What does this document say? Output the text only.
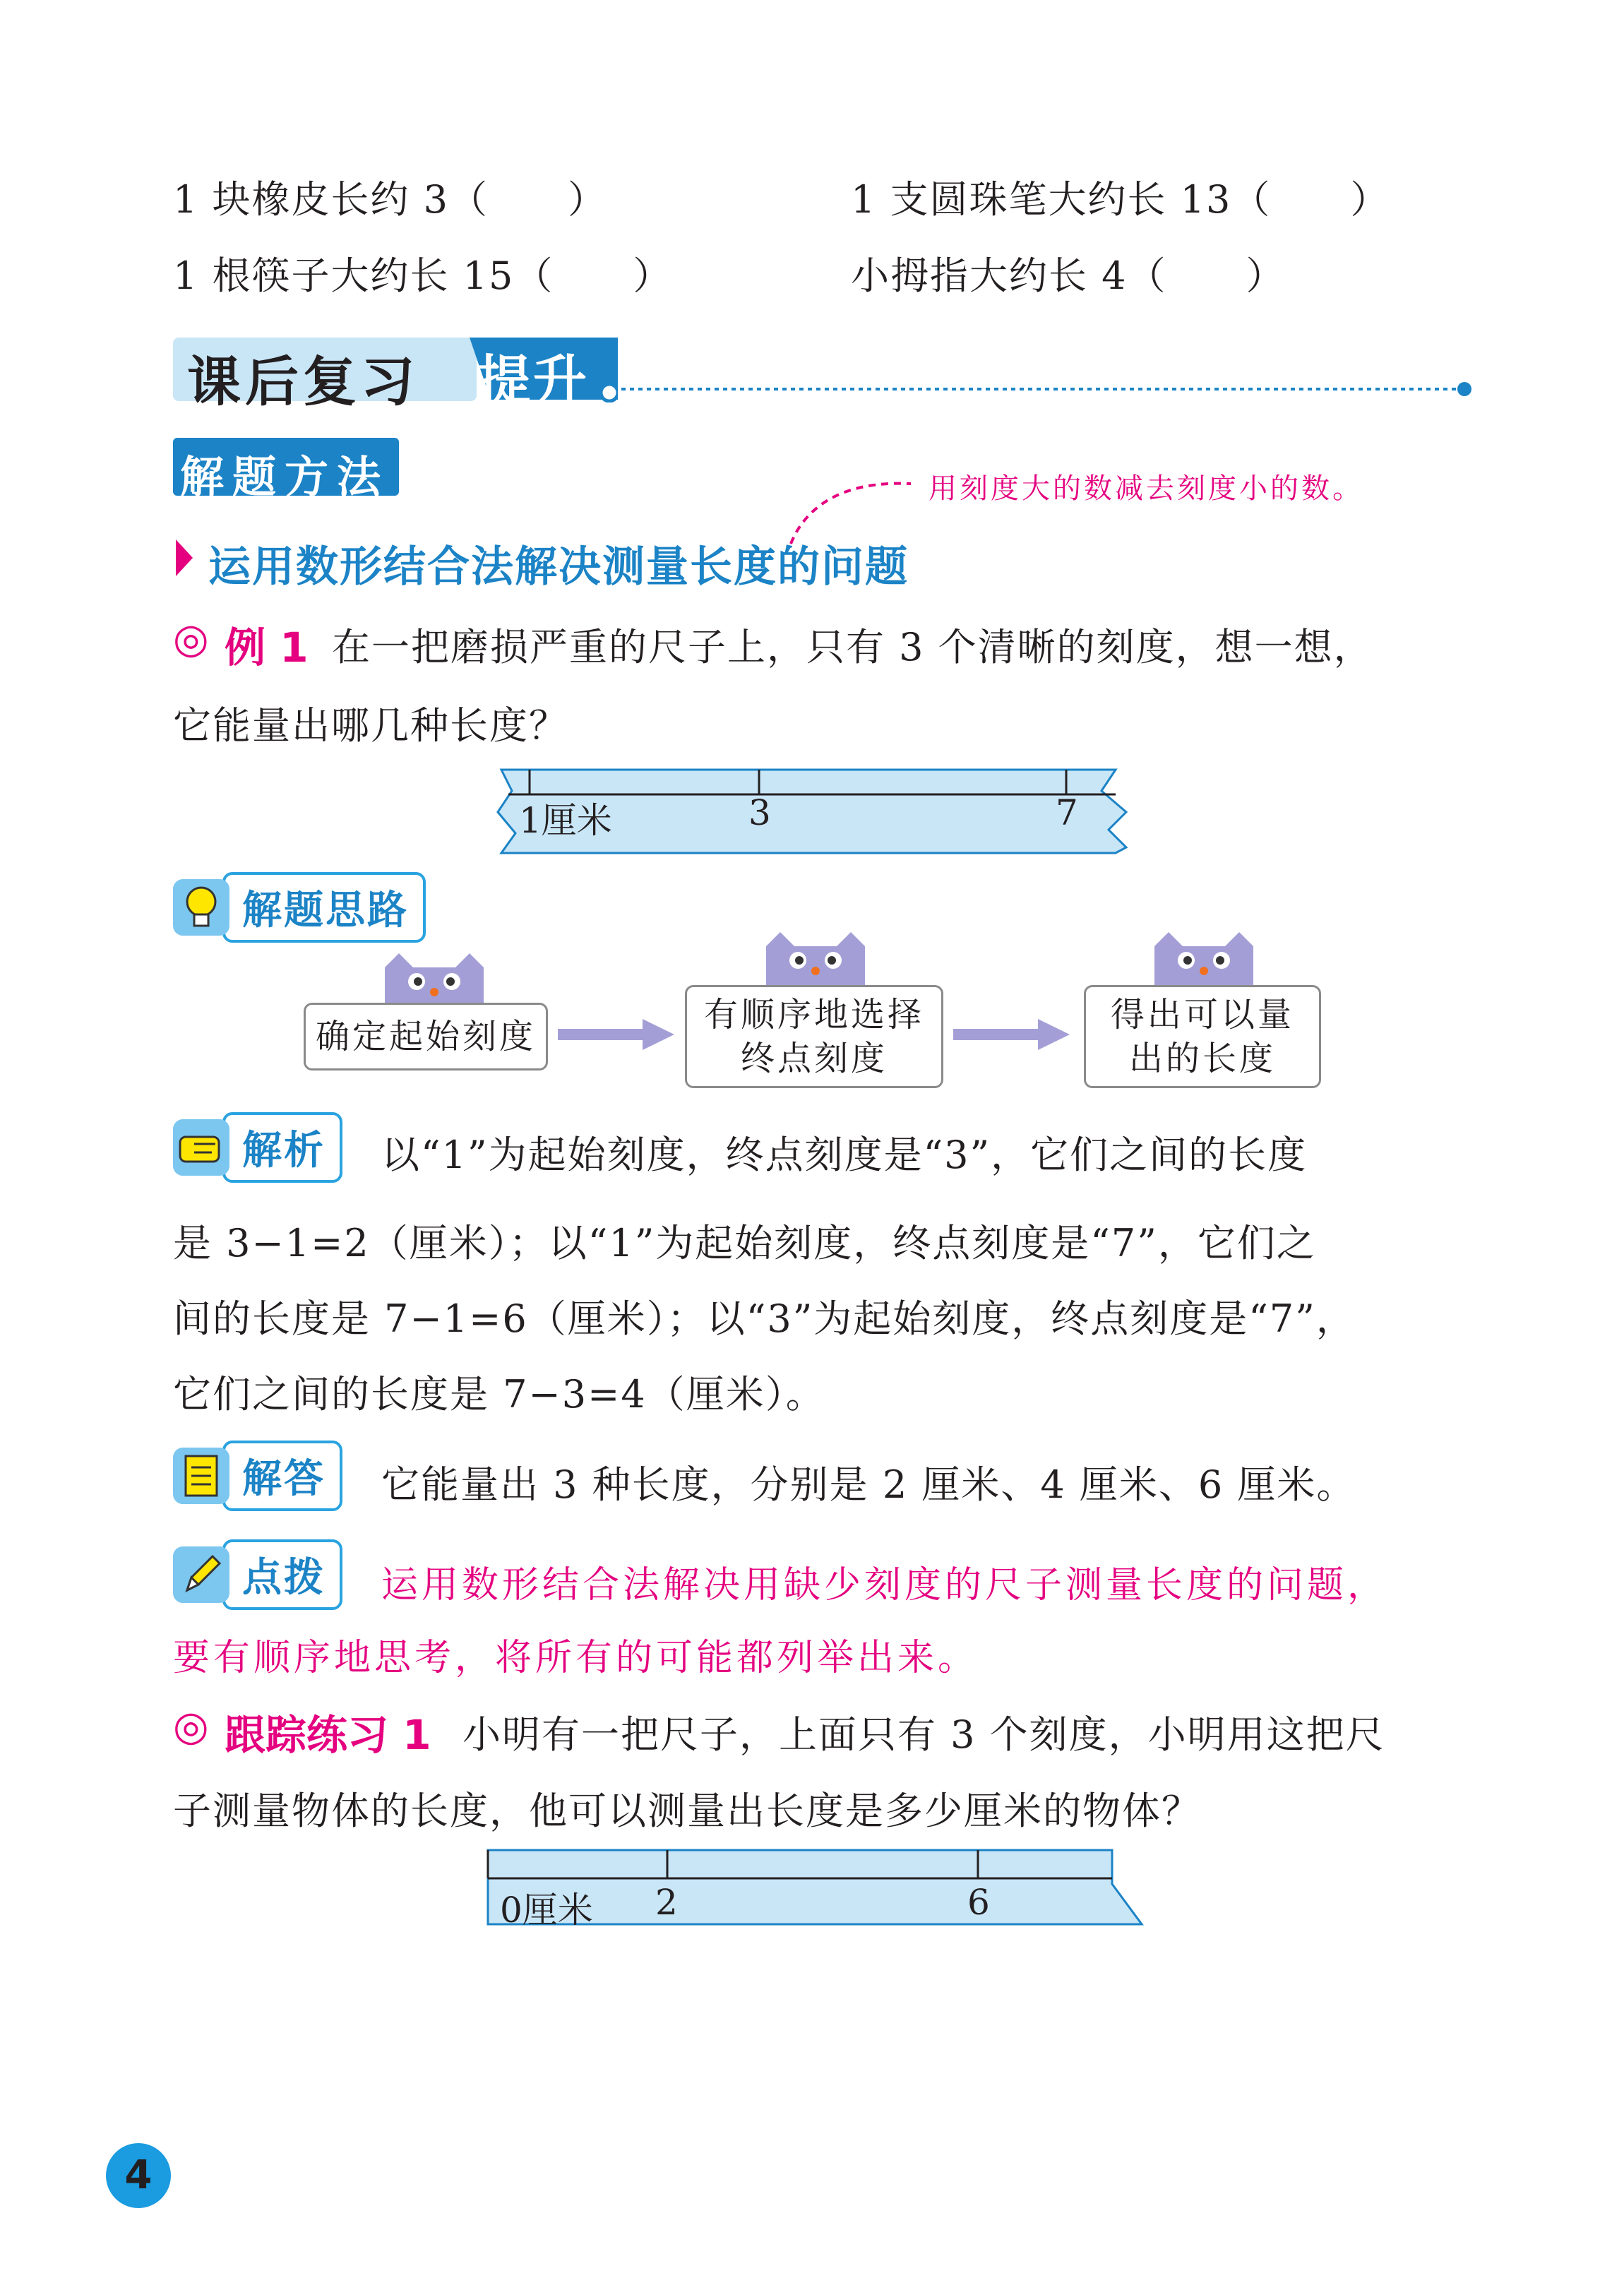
1 块橡皮长约 3（　　）	1 支圆珠笔大约长 13（　　）
1 根筷子大约长 15（　　）	小拇指大约长 4（　　）
课后复习 提升
解题方法	用刻度大的数减去刻度小的数。
运用数形结合法解决测量长度的问题
◎ 例 1 在一把磨损严重的尺子上，只有 3 个清晰的刻度，想一想，
它能量出哪几种长度？
1厘米	3	7
解题思路
确定起始刻度
有顺序地选择
终点刻度
得出可以量
出的长度
解析	以“1”为起始刻度，终点刻度是“3”，它们之间的长度
是 3−1=2（厘米）；以“1”为起始刻度，终点刻度是“7”，它们之
间的长度是 7−1=6（厘米）；以“3”为起始刻度，终点刻度是“7”，
它们之间的长度是 7−3=4（厘米）。
解答	它能量出 3 种长度，分别是 2 厘米、4 厘米、6 厘米。
点拨	运用数形结合法解决用缺少刻度的尺子测量长度的问题，
要有顺序地思考，将所有的可能都列举出来。
◎ 跟踪练习 1 小明有一把尺子，上面只有 3 个刻度，小明用这把尺
子测量物体的长度，他可以测量出长度是多少厘米的物体？
0厘米 2	6
4
